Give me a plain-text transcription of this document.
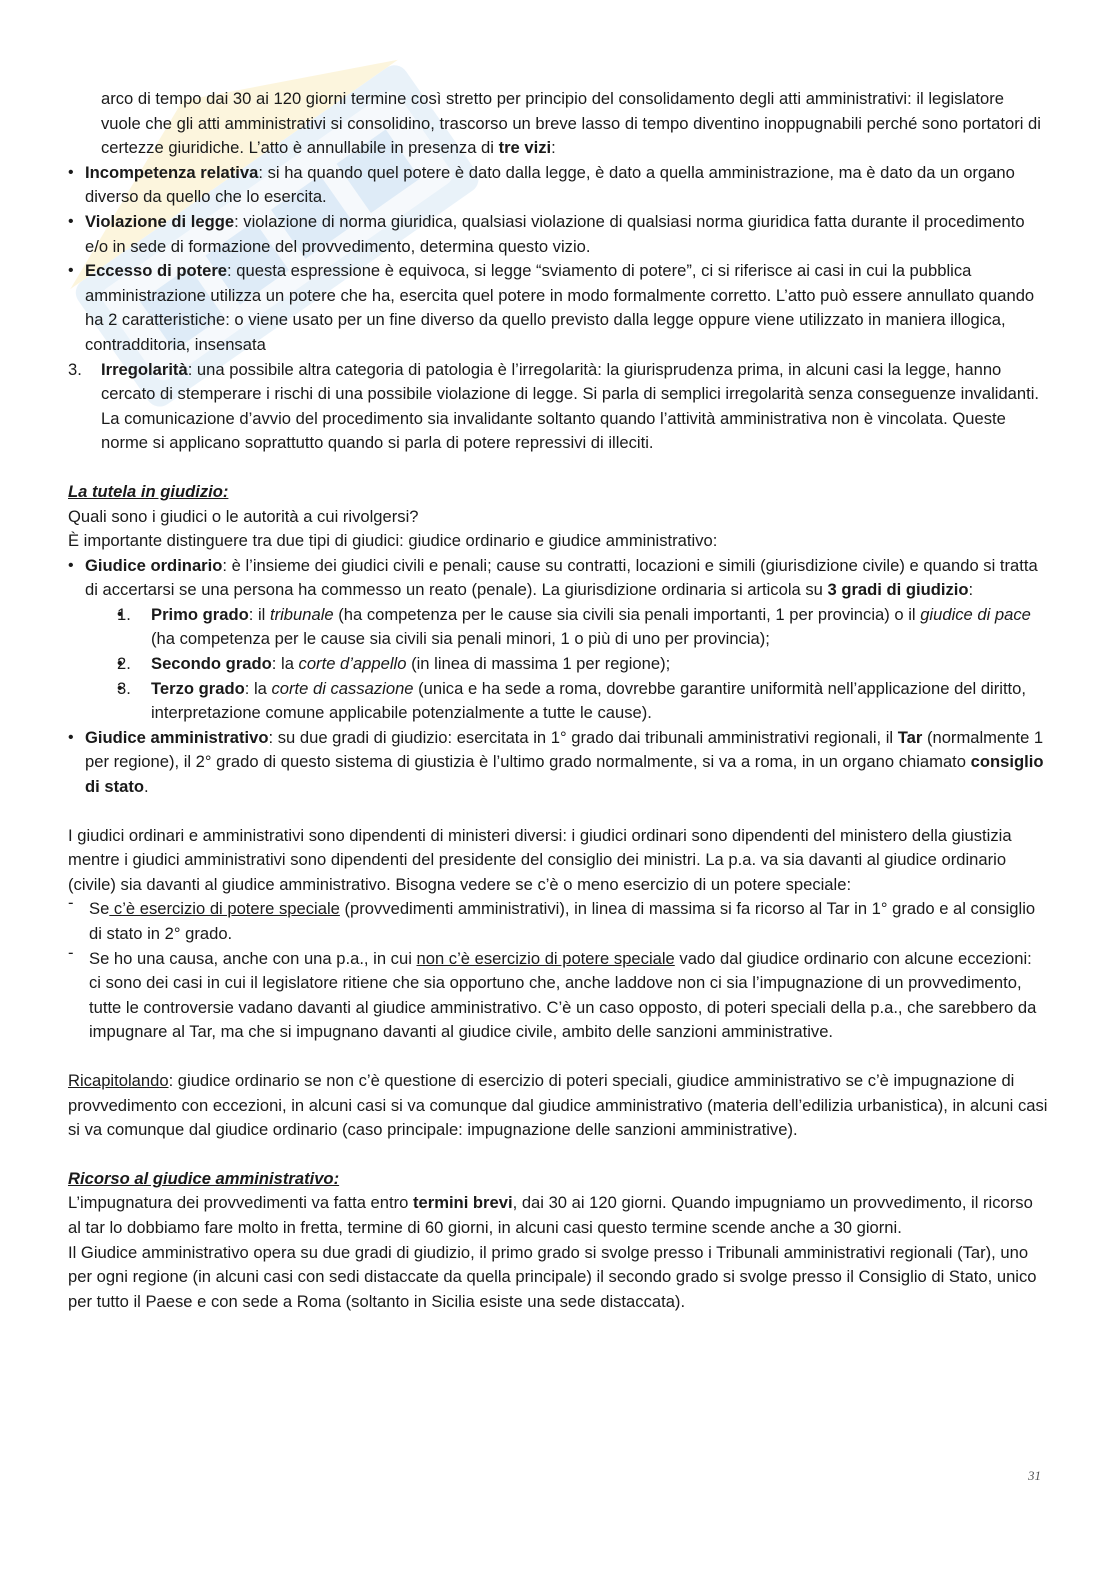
arco di tempo dai 30 ai 120 giorni termine così stretto per principio del consolidamento degli atti amministrativi: il legislatore vuole che gli atti amministrativi si consolidino, trascorso un breve lasso di tempo diventino inoppugnabili perché sono portatori di certezze giuridiche. L’atto è annullabile in presenza di tre vizi:
• Incompetenza relativa: si ha quando quel potere è dato dalla legge, è dato a quella amministrazione, ma è dato da un organo diverso da quello che lo esercita.
• Violazione di legge: violazione di norma giuridica, qualsiasi violazione di qualsiasi norma giuridica fatta durante il procedimento e/o in sede di formazione del provvedimento, determina questo vizio.
• Eccesso di potere: questa espressione è equivoca, si legge “sviamento di potere”, ci si riferisce ai casi in cui la pubblica amministrazione utilizza un potere che ha, esercita quel potere in modo formalmente corretto. L’atto può essere annullato quando ha 2 caratteristiche: o viene usato per un fine diverso da quello previsto dalla legge oppure viene utilizzato in maniera illogica, contradditoria, insensata
3. Irregolarità: una possibile altra categoria di patologia è l’irregolarità: la giurisprudenza prima, in alcuni casi la legge, hanno cercato di stemperare i rischi di una possibile violazione di legge. Si parla di semplici irregolarità senza conseguenze invalidanti. La comunicazione d’avvio del procedimento sia invalidante soltanto quando l’attività amministrativa non è vincolata. Queste norme si applicano soprattutto quando si parla di potere repressivi di illeciti.

La tutela in giudizio:

Quali sono i giudici o le autorità a cui rivolgersi?

È importante distinguere tra due tipi di giudici: giudice ordinario e giudice amministrativo:

• Giudice ordinario: è l’insieme dei giudici civili e penali; cause su contratti, locazioni e simili (giurisdizione civile) e quando si tratta di accertarsi se una persona ha commesso un reato (penale). La giurisdizione ordinaria si articola su 3 gradi di giudizio:
• 1. Primo grado: il tribunale (ha competenza per le cause sia civili sia penali importanti, 1 per provincia) o il giudice di pace (ha competenza per le cause sia civili sia penali minori, 1 o più di uno per provincia);
• 2. Secondo grado: la corte d’appello (in linea di massima 1 per regione);
• 3. Terzo grado: la corte di cassazione (unica e ha sede a roma, dovrebbe garantire uniformità nell’applicazione del diritto, interpretazione comune applicabile potenzialmente a tutte le cause).
• Giudice amministrativo: su due gradi di giudizio: esercitata in 1° grado dai tribunali amministrativi regionali, il Tar (normalmente 1 per regione), il 2° grado di questo sistema di giustizia è l’ultimo grado normalmente, si va a roma, in un organo chiamato consiglio di stato.

I giudici ordinari e amministrativi sono dipendenti di ministeri diversi: i giudici ordinari sono dipendenti del ministero della giustizia mentre i giudici amministrativi sono dipendenti del presidente del consiglio dei ministri. La p.a. va sia davanti al giudice ordinario (civile) sia davanti al giudice amministrativo. Bisogna vedere se c’è o meno esercizio di un potere speciale:

- Se c’è esercizio di potere speciale (provvedimenti amministrativi), in linea di massima si fa ricorso al Tar in 1° grado e al consiglio di stato in 2° grado.
- Se ho una causa, anche con una p.a., in cui non c’è esercizio di potere speciale vado dal giudice ordinario con alcune eccezioni: ci sono dei casi in cui il legislatore ritiene che sia opportuno che, anche laddove non ci sia l’impugnazione di un provvedimento, tutte le controversie vadano davanti al giudice amministrativo. C’è un caso opposto, di poteri speciali della p.a., che sarebbero da impugnare al Tar, ma che si impugnano davanti al giudice civile, ambito delle sanzioni amministrative.

Ricapitolando: giudice ordinario se non c’è questione di esercizio di poteri speciali, giudice amministrativo se c’è impugnazione di provvedimento con eccezioni, in alcuni casi si va comunque dal giudice amministrativo (materia dell’edilizia urbanistica), in alcuni casi si va comunque dal giudice ordinario (caso principale: impugnazione delle sanzioni amministrative).

Ricorso al giudice amministrativo:

L’impugnatura dei provvedimenti va fatta entro termini brevi, dai 30 ai 120 giorni. Quando impugniamo un provvedimento, il ricorso al tar lo dobbiamo fare molto in fretta, termine di 60 giorni, in alcuni casi questo termine scende anche a 30 giorni.

Il Giudice amministrativo opera su due gradi di giudizio, il primo grado si svolge presso i Tribunali amministrativi regionali (Tar), uno per ogni regione (in alcuni casi con sedi distaccate da quella principale) il secondo grado si svolge presso il Consiglio di Stato, unico per tutto il Paese e con sede a Roma (soltanto in Sicilia esiste una sede distaccata).

31
